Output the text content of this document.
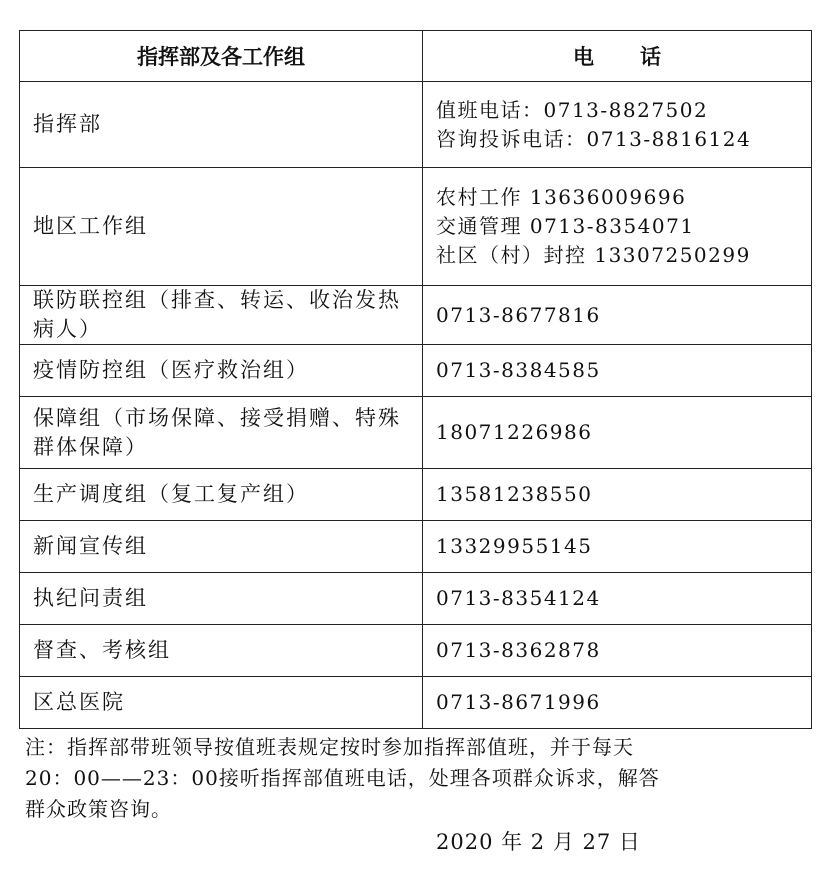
指挥部及各工作组	电话
指挥部	值班电话：0713-8827502
咨询投诉电话：0713-8816124

地区工作组	农村工作 13636009696
交通管理 0713-8354071
社区（村）封控 13307250299

联防联控组（排查、转运、收治发热病人）	0713-8677816

疫情防控组（医疗救治组）	0713-8384585

保障组（市场保障、接受捐赠、特殊群体保障）	18071226986

生产调度组（复工复产组）	13581238550

新闻宣传组	13329955145

执纪问责组	0713-8354124

督查、考核组	0713-8362878

区总医院	0713-8671996
注：指挥部带班领导按值班表规定按时参加指挥部值班，并于每天
20：00——23：00接听指挥部值班电话，处理各项群众诉求，解答
群众政策咨询。
2020 年 2 月 27 日
